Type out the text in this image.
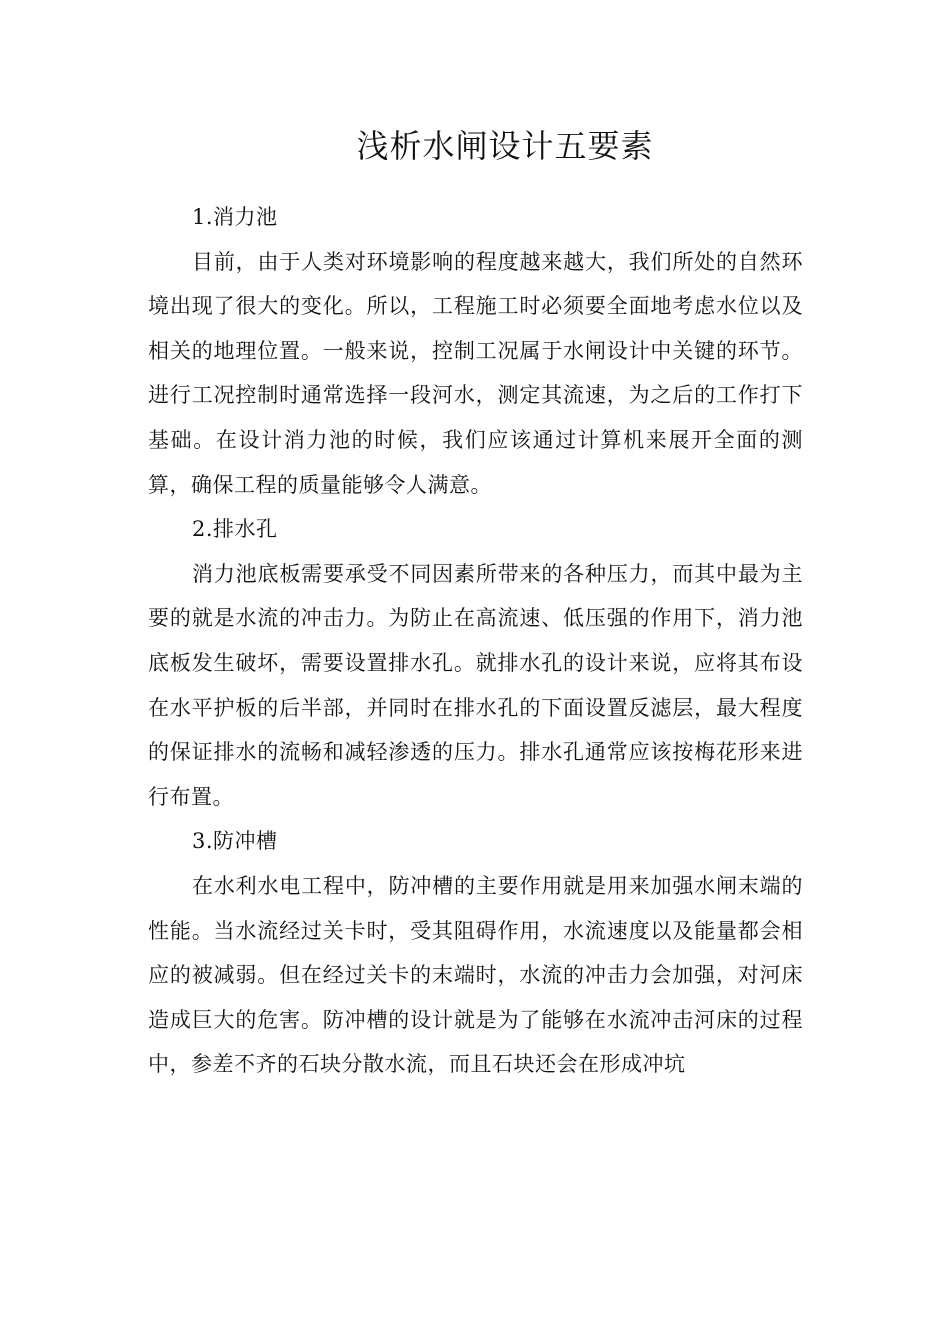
浅析水闸设计五要素

1.消力池

目前，由于人类对环境影响的程度越来越大，我们所处的自然环境出现了很大的变化。所以，工程施工时必须要全面地考虑水位以及相关的地理位置。一般来说，控制工况属于水闸设计中关键的环节。进行工况控制时通常选择一段河水，测定其流速，为之后的工作打下基础。在设计消力池的时候，我们应该通过计算机来展开全面的测算，确保工程的质量能够令人满意。

2.排水孔

消力池底板需要承受不同因素所带来的各种压力，而其中最为主要的就是水流的冲击力。为防止在高流速、低压强的作用下，消力池底板发生破坏，需要设置排水孔。就排水孔的设计来说，应将其布设在水平护板的后半部，并同时在排水孔的下面设置反滤层，最大程度的保证排水的流畅和减轻渗透的压力。排水孔通常应该按梅花形来进行布置。

3.防冲槽

在水利水电工程中，防冲槽的主要作用就是用来加强水闸末端的性能。当水流经过关卡时，受其阻碍作用，水流速度以及能量都会相应的被减弱。但在经过关卡的末端时，水流的冲击力会加强，对河床造成巨大的危害。防冲槽的设计就是为了能够在水流冲击河床的过程中，参差不齐的石块分散水流，而且石块还会在形成冲坑
